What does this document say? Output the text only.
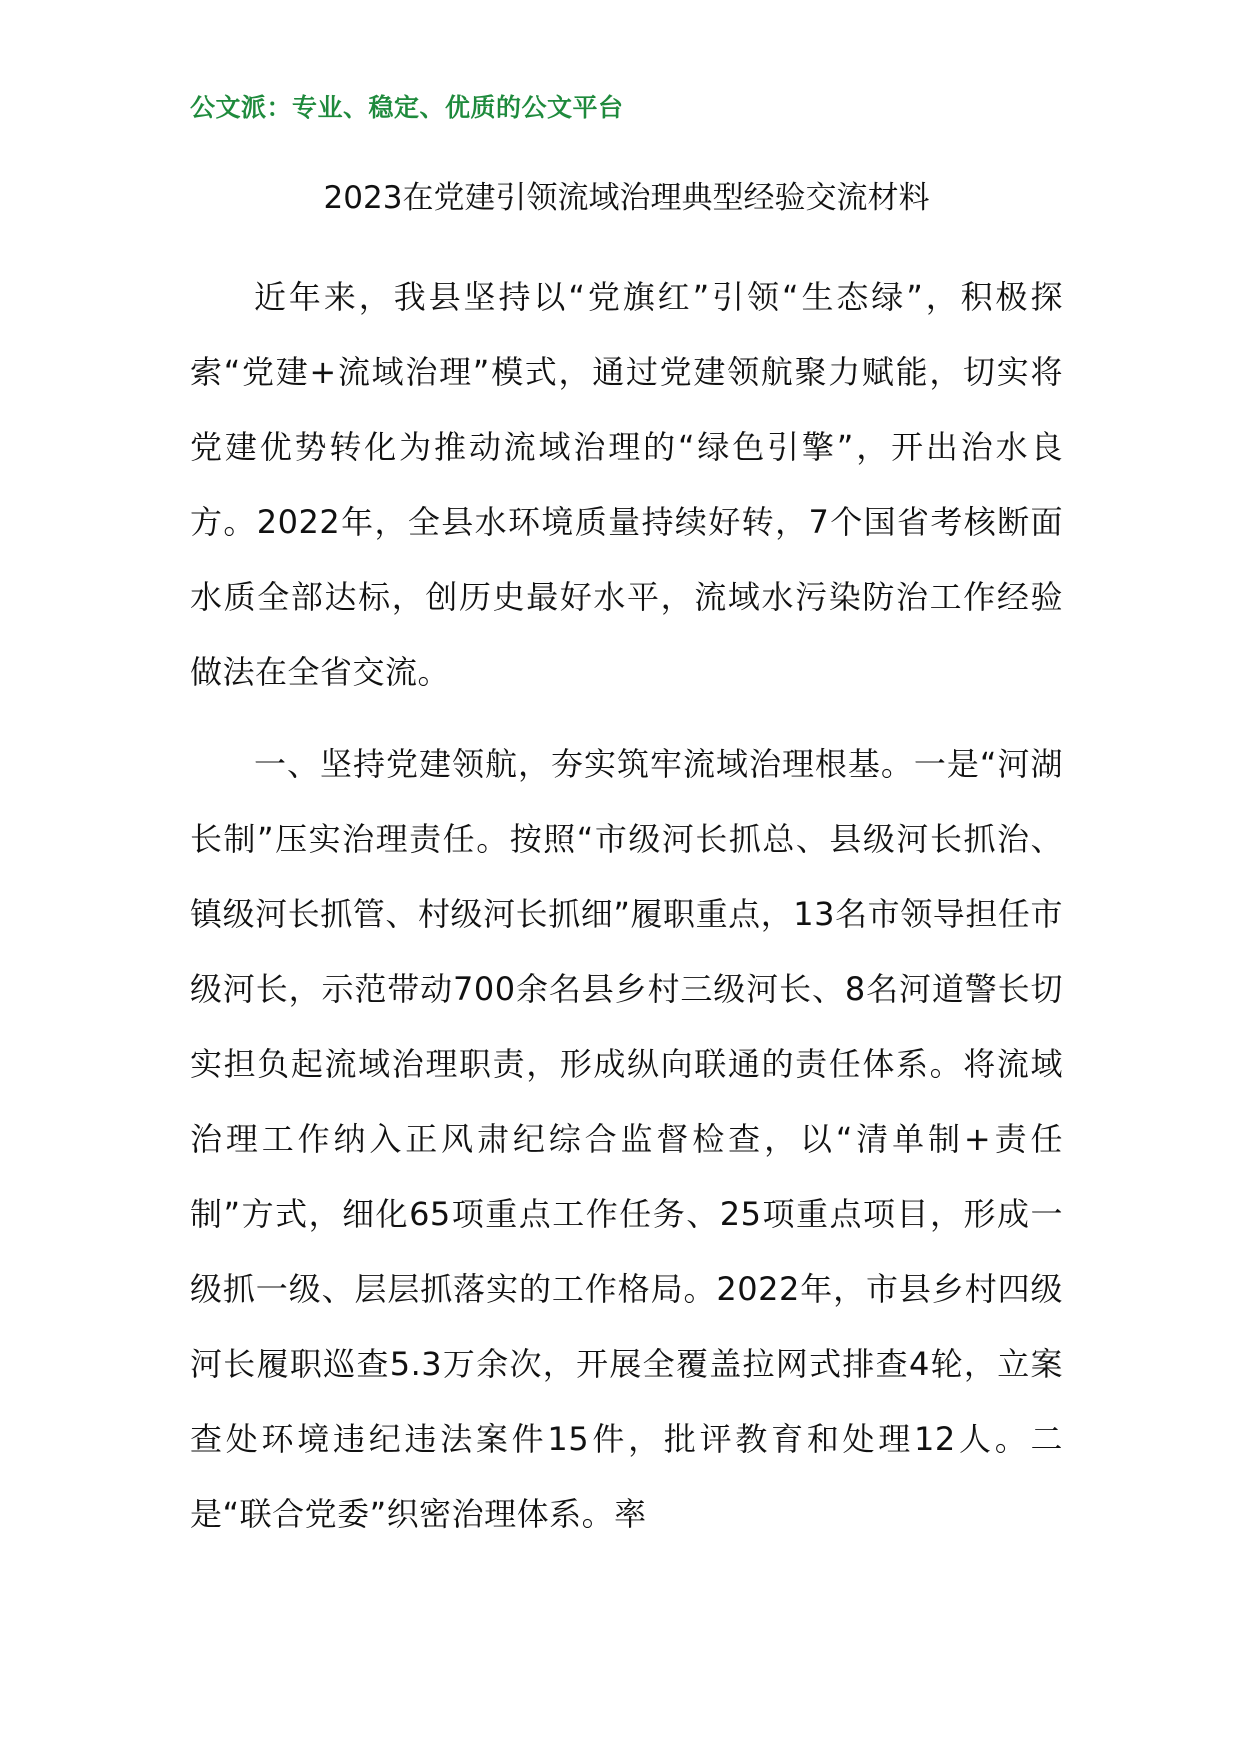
公文派：专业、稳定、优质的公文平台
2023在党建引领流域治理典型经验交流材料

近年来，我县坚持以“党旗红”引领“生态绿”，积极探索“党建+流域治理”模式，通过党建领航聚力赋能，切实将党建优势转化为推动流域治理的“绿色引擎”，开出治水良方。2022年，全县水环境质量持续好转，7个国省考核断面水质全部达标，创历史最好水平，流域水污染防治工作经验做法在全省交流。

一、坚持党建领航，夯实筑牢流域治理根基。一是“河湖长制”压实治理责任。按照“市级河长抓总、县级河长抓治、镇级河长抓管、村级河长抓细”履职重点，13名市领导担任市级河长，示范带动700余名县乡村三级河长、8名河道警长切实担负起流域治理职责，形成纵向联通的责任体系。将流域治理工作纳入正风肃纪综合监督检查，以“清单制+责任制”方式，细化65项重点工作任务、25项重点项目，形成一级抓一级、层层抓落实的工作格局。2022年，市县乡村四级河长履职巡查5.3万余次，开展全覆盖拉网式排查4轮，立案查处环境违纪违法案件15件，批评教育和处理12人。二是“联合党委”织密治理体系。率
